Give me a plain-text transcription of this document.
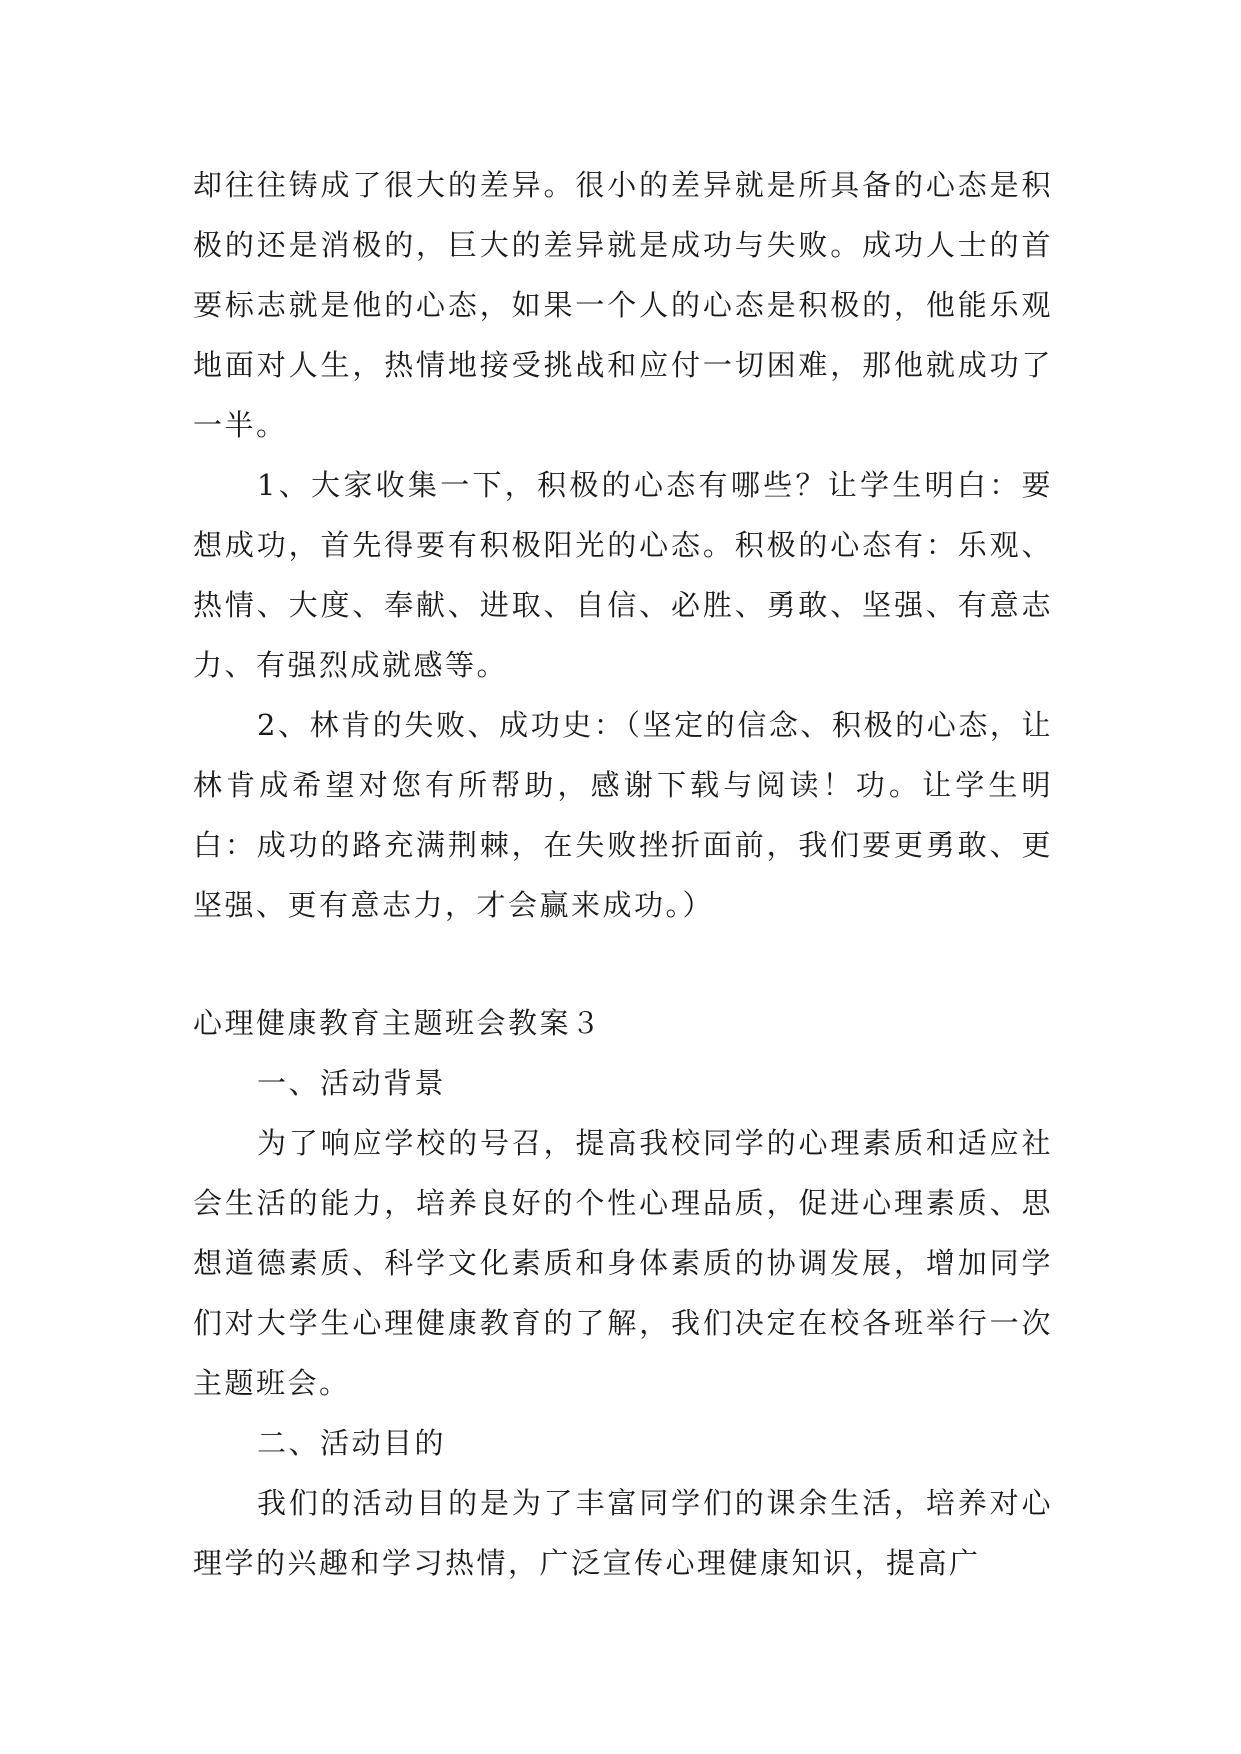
却往往铸成了很大的差异。很小的差异就是所具备的心态是积极的还是消极的，巨大的差异就是成功与失败。成功人士的首要标志就是他的心态，如果一个人的心态是积极的，他能乐观地面对人生，热情地接受挑战和应付一切困难，那他就成功了一半。

1、大家收集一下，积极的心态有哪些？让学生明白：要想成功，首先得要有积极阳光的心态。积极的心态有：乐观、热情、大度、奉献、进取、自信、必胜、勇敢、坚强、有意志力、有强烈成就感等。

2、林肯的失败、成功史：（坚定的信念、积极的心态，让林肯成希望对您有所帮助，感谢下载与阅读！功。让学生明白：成功的路充满荆棘，在失败挫折面前，我们要更勇敢、更坚强、更有意志力，才会赢来成功。）

心理健康教育主题班会教案３

一、活动背景

为了响应学校的号召，提高我校同学的心理素质和适应社会生活的能力，培养良好的个性心理品质，促进心理素质、思想道德素质、科学文化素质和身体素质的协调发展，增加同学们对大学生心理健康教育的了解，我们决定在校各班举行一次主题班会。

二、活动目的

我们的活动目的是为了丰富同学们的课余生活，培养对心理学的兴趣和学习热情，广泛宣传心理健康知识，提高广
